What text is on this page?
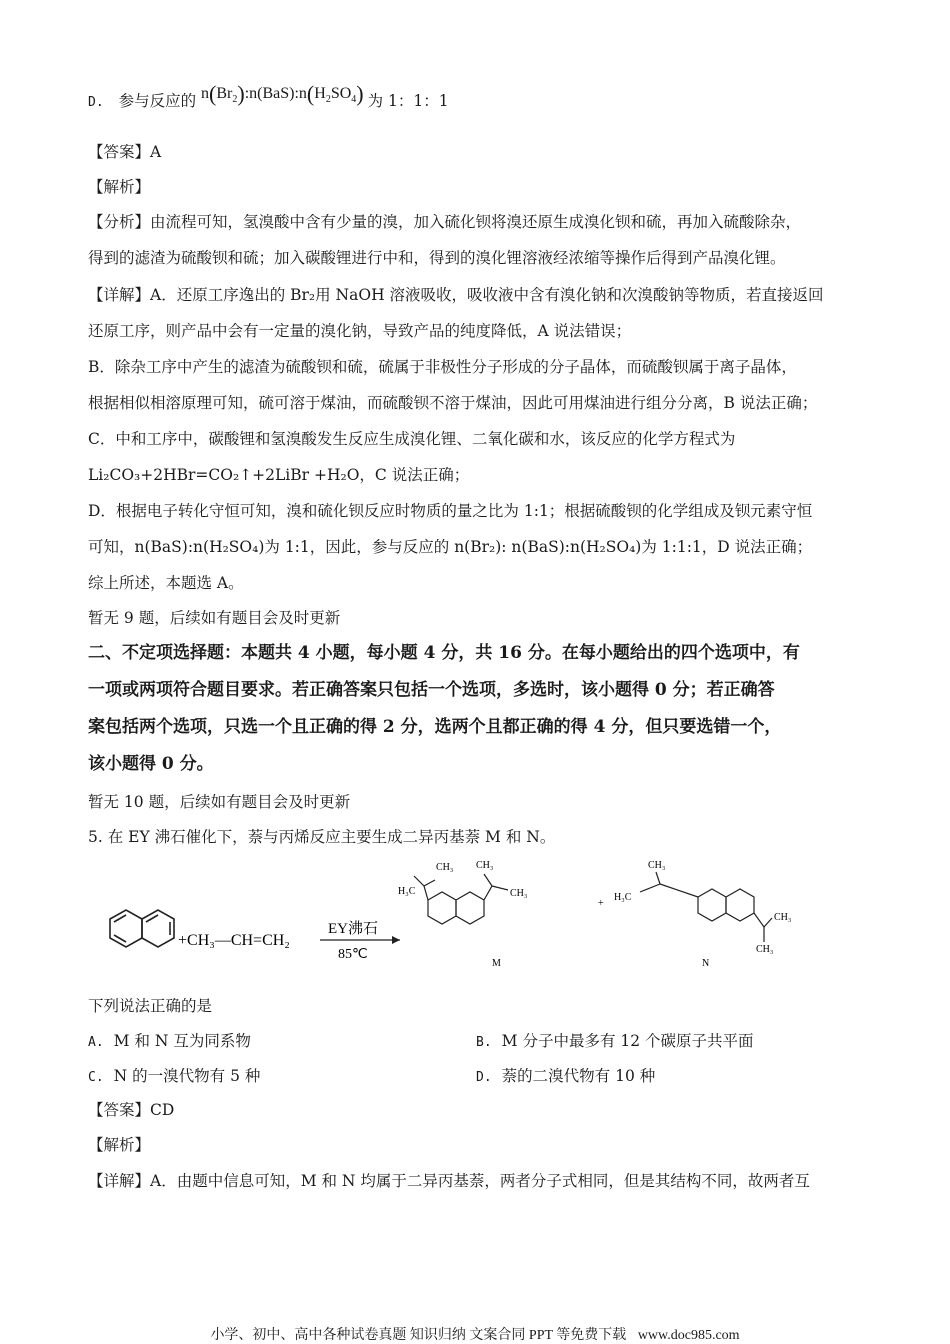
D. 参与反应的 $n(Br_2):n(BaS):n(H_2SO_4)$ 为 1：1：1
【答案】A
【解析】
【分析】由流程可知，氢溴酸中含有少量的溴，加入硫化钡将溴还原生成溴化钡和硫，再加入硫酸除杂，
得到的滤渣为硫酸钡和硫；加入碳酸锂进行中和，得到的溴化锂溶液经浓缩等操作后得到产品溴化锂。
【详解】A．还原工序逸出的 Br₂用 NaOH 溶液吸收，吸收液中含有溴化钠和次溴酸钠等物质，若直接返回
还原工序，则产品中会有一定量的溴化钠，导致产品的纯度降低，A 说法错误；
B．除杂工序中产生的滤渣为硫酸钡和硫，硫属于非极性分子形成的分子晶体，而硫酸钡属于离子晶体，
根据相似相溶原理可知，硫可溶于煤油，而硫酸钡不溶于煤油，因此可用煤油进行组分分离，B 说法正确；
C．中和工序中，碳酸锂和氢溴酸发生反应生成溴化锂、二氧化碳和水，该反应的化学方程式为
Li₂CO₃+2HBr=CO₂↑+2LiBr +H₂O，C 说法正确；
D．根据电子转化守恒可知，溴和硫化钡反应时物质的量之比为 1:1；根据硫酸钡的化学组成及钡元素守恒
可知，n(BaS):n(H₂SO₄)为 1:1，因此，参与反应的 n(Br₂): n(BaS):n(H₂SO₄)为 1:1:1，D 说法正确；
综上所述，本题选 A。
暂无 9 题，后续如有题目会及时更新
二、不定项选择题：本题共 4 小题，每小题 4 分，共 16 分。在每小题给出的四个选项中，有
一项或两项符合题目要求。若正确答案只包括一个选项，多选时，该小题得 0 分；若正确答
案包括两个选项，只选一个且正确的得 2 分，选两个且都正确的得 4 分，但只要选错一个，
该小题得 0 分。
暂无 10 题，后续如有题目会及时更新
5. 在 EY 沸石催化下，萘与丙烯反应主要生成二异丙基萘 M 和 N。
+CH₃—CH=CH₂
EY沸石
85℃
CH₃
H₃C
CH₃
CH₃
M
+
CH₃
H₃C
CH₃
CH₃
N
下列说法正确的是
A. M 和 N 互为同系物	B. M 分子中最多有 12 个碳原子共平面
C. N 的一溴代物有 5 种	D. 萘的二溴代物有 10 种
【答案】CD
【解析】
【详解】A．由题中信息可知，M 和 N 均属于二异丙基萘，两者分子式相同，但是其结构不同，故两者互
小学、初中、高中各种试卷真题 知识归纳 文案合同 PPT 等免费下载 www.doc985.com
